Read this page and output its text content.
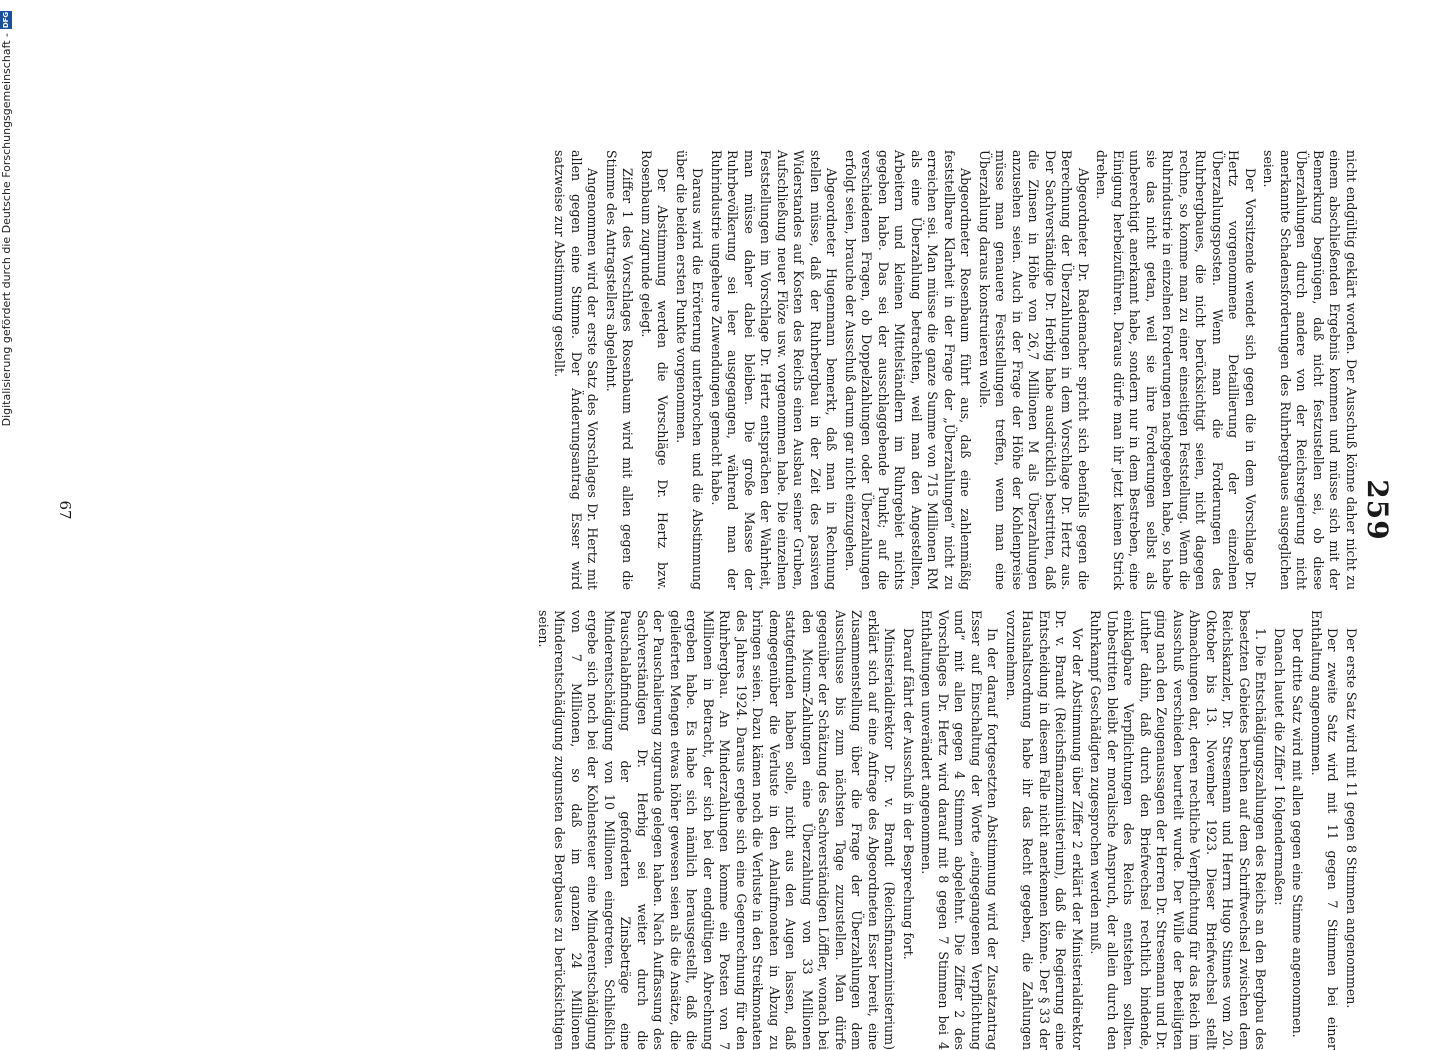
259

nicht endgültig geklärt worden. Der Ausschuß könne daher nicht zu einem abschließenden Ergebnis kommen und müsse sich mit der Bemerkung begnügen, daß nicht festzustellen sei, ob diese Überzahlungen durch andere von der Reichsregierung nicht anerkannte Schadensforderungen des Ruhrbergbaues ausgeglichen seien.

Der Vorsitzende wendet sich gegen die in dem Vorschlage Dr. Hertz vorgenommene Detaillierung der einzelnen Überzahlungsposten. Wenn man die Forderungen des Ruhrbergbaues, die nicht berücksichtigt seien, nicht dagegen rechne, so komme man zu einer einseitigen Feststellung. Wenn die Ruhrindustrie in einzelnen Forderungen nachgegeben habe, so habe sie das nicht getan, weil sie ihre Forderungen selbst als unberechtigt anerkannt habe, sondern nur in dem Bestreben, eine Einigung herbeizuführen. Daraus dürfe man ihr jetzt keinen Strick drehen.

Abgeordneter Dr. Rademacher spricht sich ebenfalls gegen die Berechnung der Überzahlungen in dem Vorschlage Dr. Hertz aus. Der Sachverständige Dr. Herbig habe ausdrücklich bestritten, daß die Zinsen in Höhe von 26,7 Millionen M als Überzahlungen anzusehen seien. Auch in der Frage der Höhe der Kohlenpreise müsse man genauere Feststellungen treffen, wenn man eine Überzahlung daraus konstruieren wolle.

Abgeordneter Rosenbaum führt aus, daß eine zahlenmäßig feststellbare Klarheit in der Frage der „Überzahlungen“ nicht zu erreichen sei. Man müsse die ganze Summe von 715 Millionen RM als eine Überzahlung betrachten, weil man den Angestellten, Arbeitern und kleinen Mittelständlern im Ruhrgebiet nichts gegeben habe. Das sei der ausschlaggebende Punkt; auf die verschiedenen Fragen, ob Doppelzahlungen oder Überzahlungen erfolgt seien, brauche der Ausschuß darum gar nicht einzugehen.

Abgeordneter Hugenmann bemerkt, daß man in Rechnung stellen müsse, daß der Ruhrbergbau in der Zeit des passiven Widerstandes auf Kosten des Reichs einen Ausbau seiner Gruben, Aufschließung neuer Flöze usw. vorgenommen habe. Die einzelnen Feststellungen im Vorschlage Dr. Hertz entsprächen der Wahrheit, man müsse daher dabei bleiben. Die große Masse der Ruhrbevölkerung sei leer ausgegangen, während man der Ruhrindustrie ungeheure Zuwendungen gemacht habe.

Daraus wird die Erörterung unterbrochen und die Abstimmung über die beiden ersten Punkte vorgenommen.

Der Abstimmung werden die Vorschläge Dr. Hertz bzw. Rosenbaum zugrunde gelegt.

Ziffer 1 des Vorschlages Rosenbaum wird mit allen gegen die Stimme des Antragstellers abgelehnt.

Angenommen wird der erste Satz des Vorschlages Dr. Hertz mit allen gegen eine Stimme. Der Änderungsantrag Esser wird satzweise zur Abstimmung gestellt.

Der erste Satz wird mit 11 gegen 8 Stimmen angenommen.

Der zweite Satz wird mit 11 gegen 7 Stimmen bei einer Enthaltung angenommen.

Der dritte Satz wird mit allen gegen eine Stimme angenommen.

Danach lautet die Ziffer 1 folgendermaßen:

1. Die Entschädigungszahlungen des Reichs an den Bergbau des besetzten Gebietes beruhen auf dem Schriftwechsel zwischen dem Reichskanzler, Dr. Stresemann und Herrn Hugo Stinnes vom 20. Oktober bis 13. November 1923. Dieser Briefwechsel stellt Abmachungen dar, deren rechtliche Verpflichtung für das Reich im Ausschuß verschieden beurteilt wurde. Der Wille der Beteiligten ging nach den Zeugenaussagen der Herren Dr. Stresemann und Dr. Luther dahin, daß durch den Briefwechsel rechtlich bindende, einklagbare Verpflichtungen des Reichs entstehen sollten. Unbestritten bleibt der moralische Anspruch, der allein durch den Ruhrkampf Geschädigten zugesprochen werden muß.

Vor der Abstimmung über Ziffer 2 erklärt der Ministerialdirektor Dr. v. Brandt (Reichsfinanzministerium), daß die Regierung eine Entscheidung in diesem Falle nicht anerkennen könne. Der § 33 der Haushaltsordnung habe ihr das Recht gegeben, die Zahlungen vorzunehmen.

In der darauf fortgesetzten Abstimmung wird der Zusatzantrag Esser auf Einschaltung der Worte „eingegangenen Verpflichtung und“ mit allen gegen 4 Stimmen abgelehnt. Die Ziffer 2 des Vorschlages Dr. Hertz wird darauf mit 8 gegen 7 Stimmen bei 4 Enthaltungen unverändert angenommen.

Darauf fährt der Ausschuß in der Besprechung fort.

Ministerialdirektor Dr. v. Brandt (Reichsfinanzministerium) erklärt sich auf eine Anfrage des Abgeordneten Esser bereit, eine Zusammenstellung über die Frage der Überzahlungen dem Ausschusse bis zum nächsten Tage zuzustellen. Man dürfe gegenüber der Schätzung des Sachverständigen Löffler, wonach bei den Micum-Zahlungen eine Überzahlung von 33 Millionen stattgefunden haben solle, nicht aus den Augen lassen, daß demgegenüber die Verluste in den Anlaufmonaten in Abzug zu bringen seien. Dazu kämen noch die Verluste in den Streikmonaten des Jahres 1924. Daraus ergebe sich eine Gegenrechnung für den Ruhrbergbau. An Minderzahlungen komme ein Posten von 7 Millionen in Betracht, der sich bei der endgültigen Abrechnung ergeben habe. Es habe sich nämlich herausgestellt, daß die gelieferten Mengen etwas höher gewesen seien als die Ansätze, die der Pauschalierung zugrunde gelegen haben. Nach Auffassung des Sachverständigen Dr. Herbig sei weiter durch die Pauschalabfindung der geforderten Zinsbeträge eine Minderentschädigung von 10 Millionen eingetreten. Schließlich ergebe sich noch bei der Kohlensteuer eine Minderentschädigung von 7 Millionen, so daß im ganzen 24 Millionen Minderentschädigung zugunsten des Bergbaues zu berücksichtigen seien.

67
Digitalisierung gefördert durch die Deutsche Forschungsgemeinschaft -
DFG
